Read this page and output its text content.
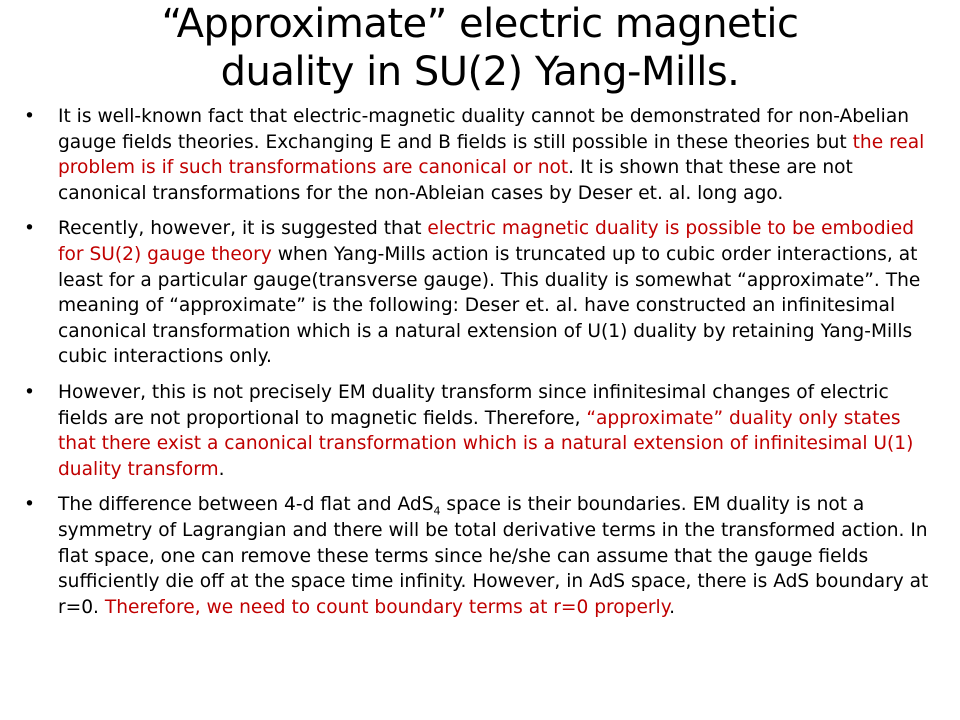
“Approximate” electric magnetic
duality in SU(2) Yang-Mills.
• It is well-known fact that electric-magnetic duality cannot be demonstrated for non-Abelian gauge fields theories. Exchanging E and B fields is still possible in these theories but the real problem is if such transformations are canonical or not. It is shown that these are not canonical transformations for the non-Ableian cases by Deser et. al. long ago.
• Recently, however, it is suggested that electric magnetic duality is possible to be embodied for SU(2) gauge theory when Yang-Mills action is truncated up to cubic order interactions, at least for a particular gauge(transverse gauge). This duality is somewhat “approximate”. The meaning of “approximate” is the following: Deser et. al. have constructed an infinitesimal canonical transformation which is a natural extension of U(1) duality by retaining Yang-Mills cubic interactions only.
• However, this is not precisely EM duality transform since infinitesimal changes of electric fields are not proportional to magnetic fields. Therefore, “approximate” duality only states that there exist a canonical transformation which is a natural extension of infinitesimal U(1) duality transform.
• The difference between 4-d flat and AdS$_4$ space is their boundaries. EM duality is not a symmetry of Lagrangian and there will be total derivative terms in the transformed action. In flat space, one can remove these terms since he/she can assume that the gauge fields sufficiently die off at the space time infinity. However, in AdS space, there is AdS boundary at r=0. Therefore, we need to count boundary terms at r=0 properly.
